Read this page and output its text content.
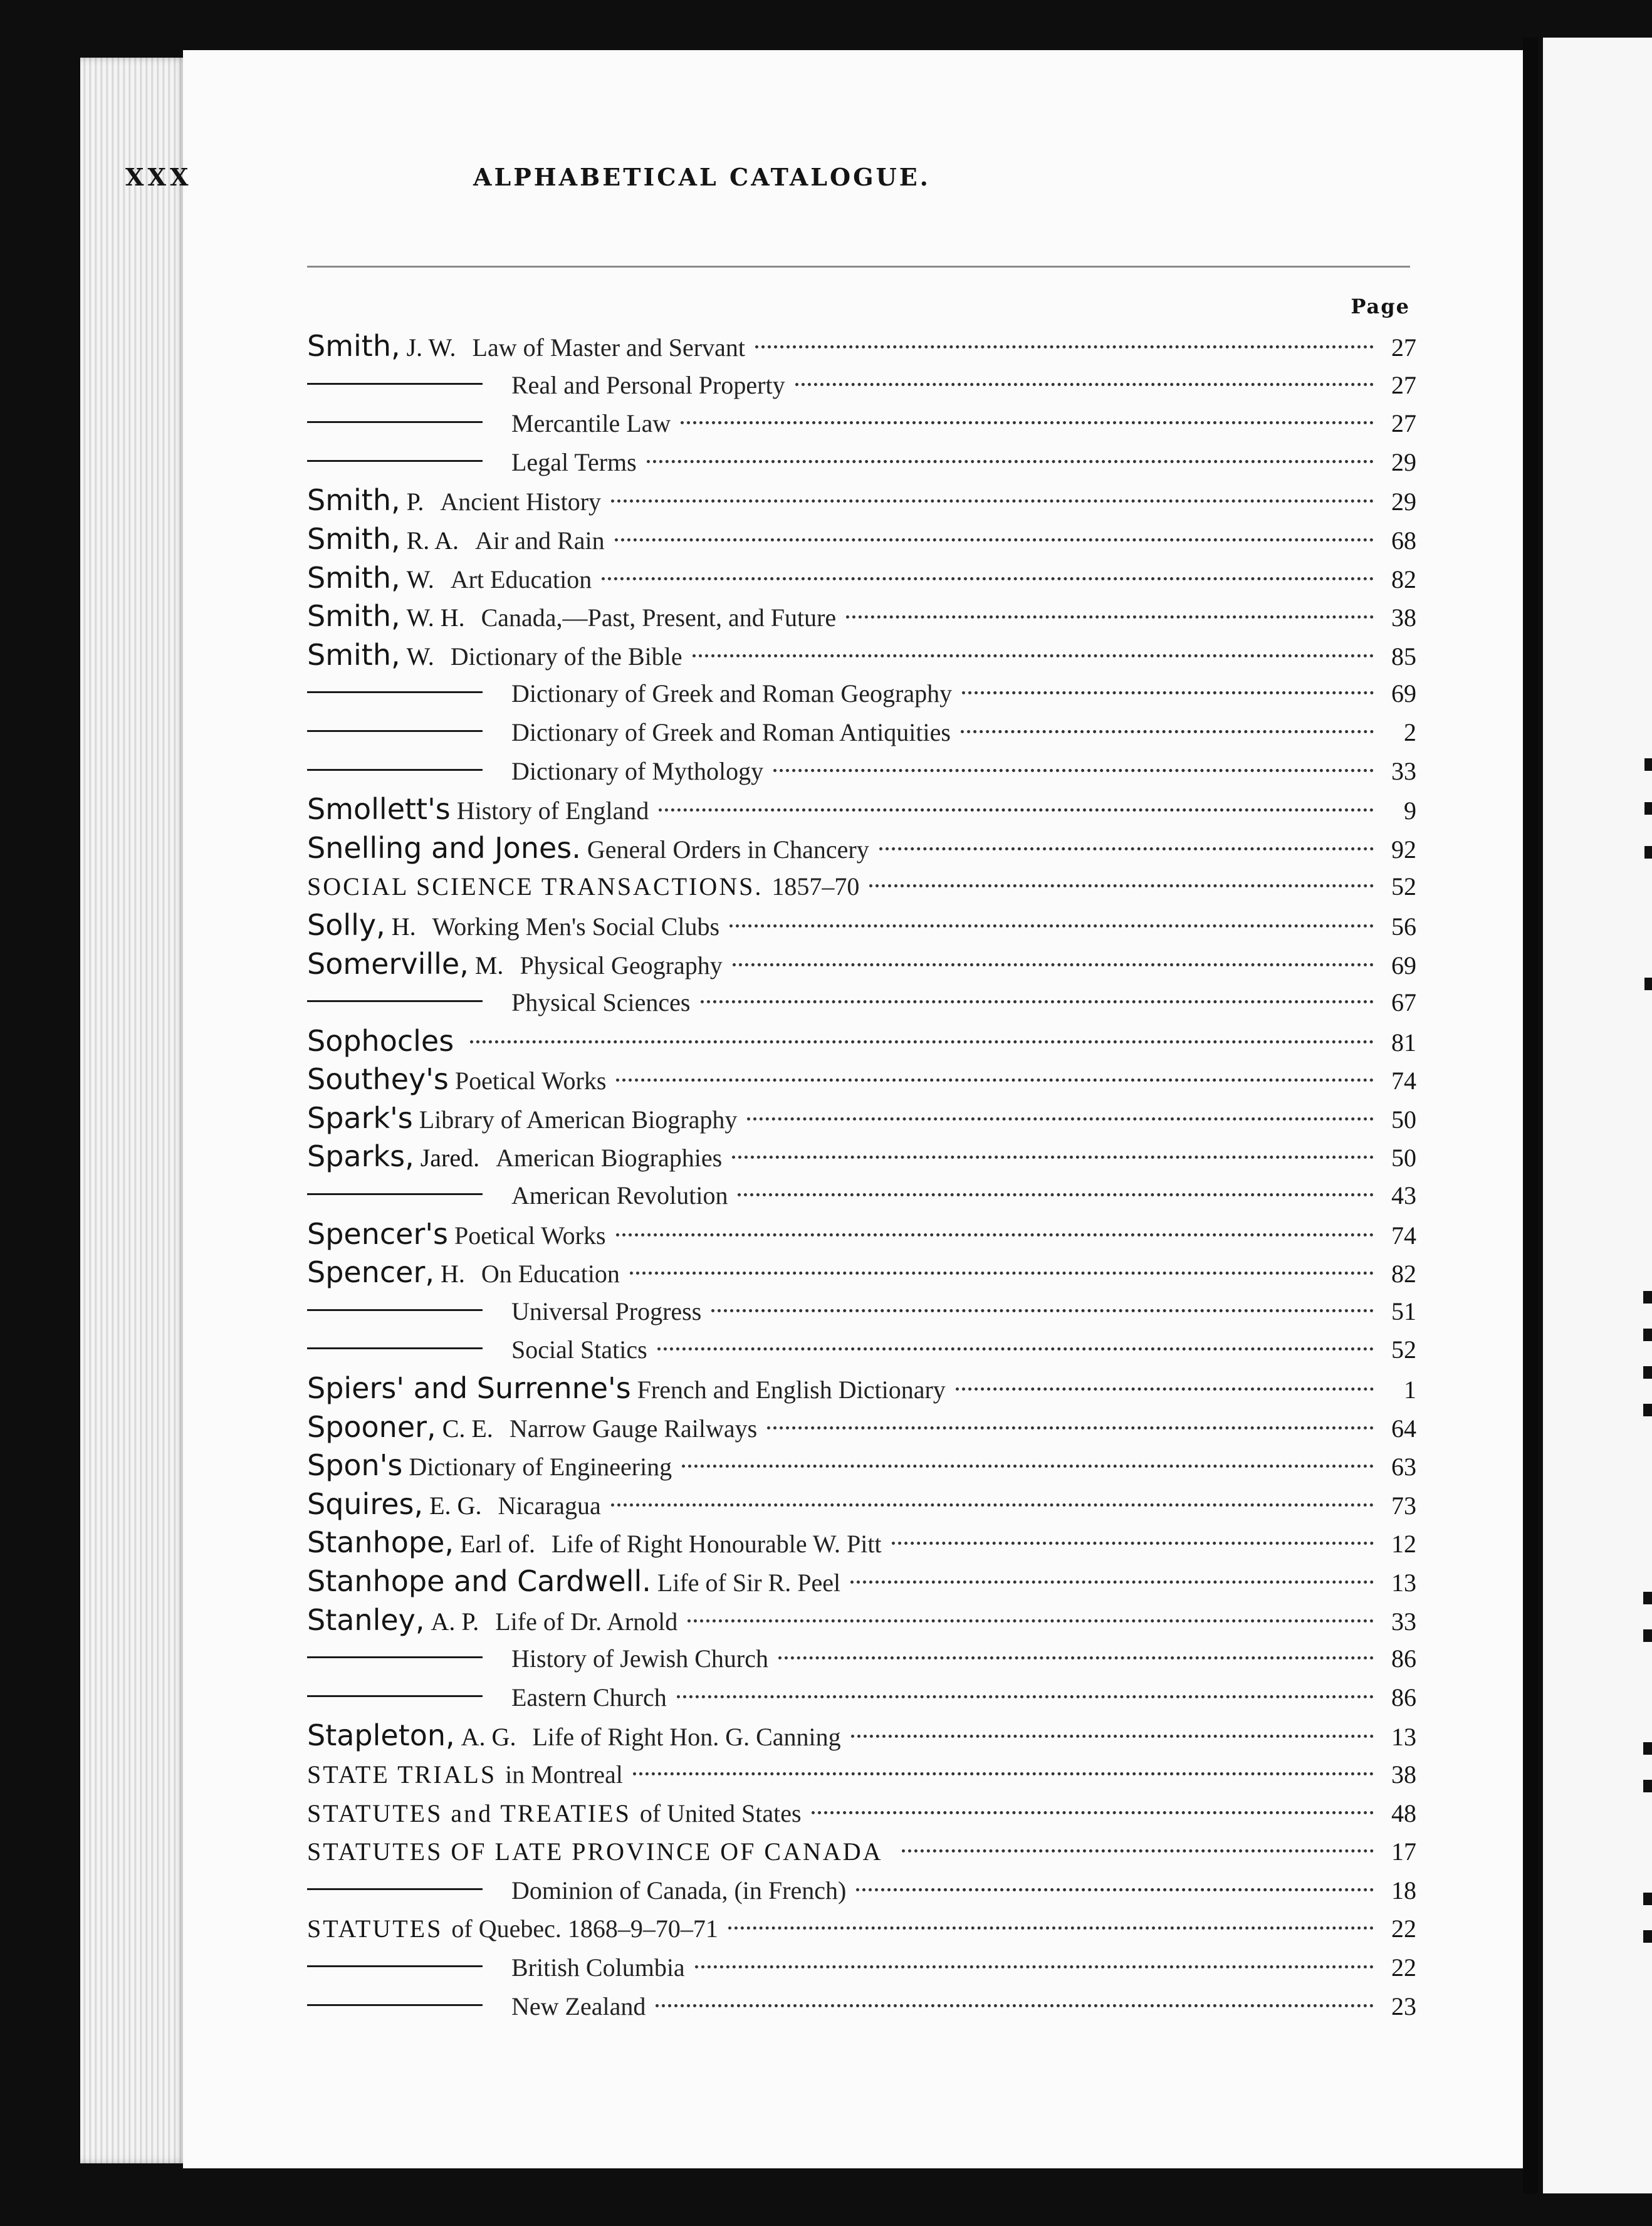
XXX	ALPHABETICAL CATALOGUE.
Page
Smith, J. W. Law of Master and Servant	27
Real and Personal Property	27
Mercantile Law	27
Legal Terms	29
Smith, P. Ancient History	29
Smith, R. A. Air and Rain	68
Smith, W. Art Education	82
Smith, W. H. Canada,—Past, Present, and Future	38
Smith, W. Dictionary of the Bible	85
Dictionary of Greek and Roman Geography	69
Dictionary of Greek and Roman Antiquities	2
Dictionary of Mythology	33
Smollett's History of England	9
Snelling and Jones. General Orders in Chancery	92
SOCIAL SCIENCE TRANSACTIONS. 1857–70	52
Solly, H. Working Men's Social Clubs	56
Somerville, M. Physical Geography	69
Physical Sciences	67
Sophocles	81
Southey's Poetical Works	74
Spark's Library of American Biography	50
Sparks, Jared. American Biographies	50
American Revolution	43
Spencer's Poetical Works	74
Spencer, H. On Education	82
Universal Progress	51
Social Statics	52
Spiers' and Surrenne's French and English Dictionary	1
Spooner, C. E. Narrow Gauge Railways	64
Spon's Dictionary of Engineering	63
Squires, E. G. Nicaragua	73
Stanhope, Earl of. Life of Right Honourable W. Pitt	12
Stanhope and Cardwell. Life of Sir R. Peel	13
Stanley, A. P. Life of Dr. Arnold	33
History of Jewish Church	86
Eastern Church	86
Stapleton, A. G. Life of Right Hon. G. Canning	13
STATE TRIALS in Montreal	38
STATUTES and TREATIES of United States	48
STATUTES OF LATE PROVINCE OF CANADA	17
Dominion of Canada, (in French)	18
STATUTES of Quebec. 1868–9–70–71	22
British Columbia	22
New Zealand	23
